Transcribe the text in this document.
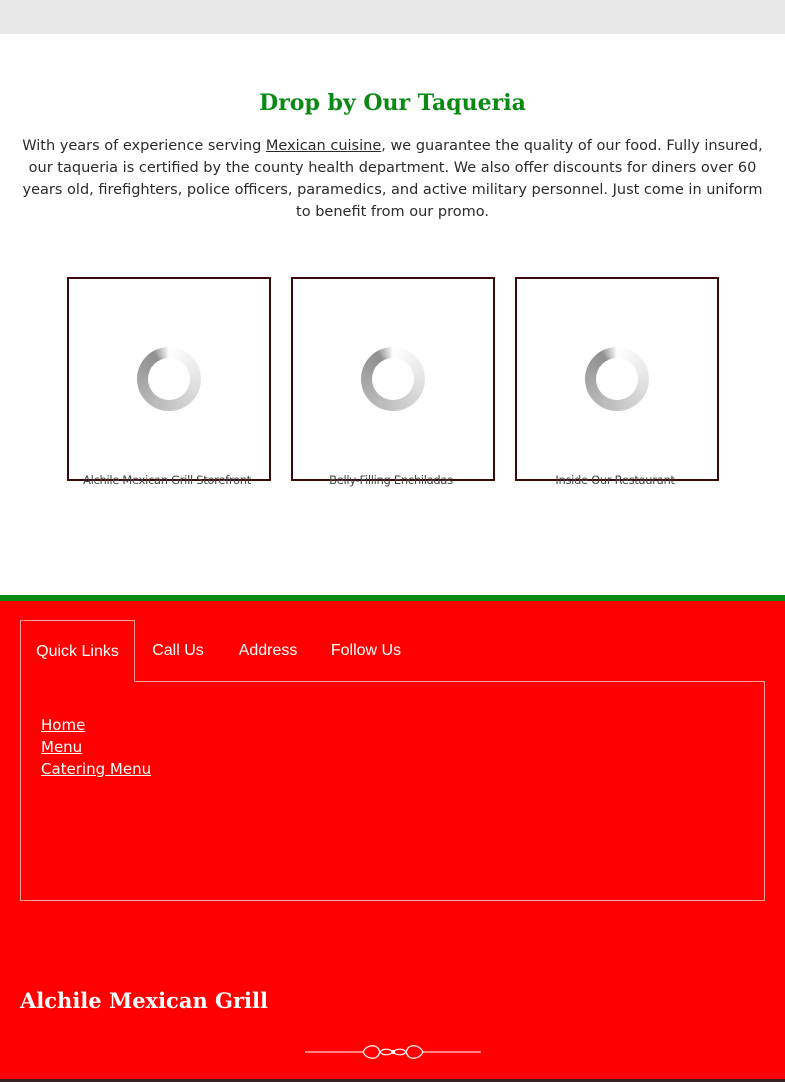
Drop by Our Taqueria

With years of experience serving Mexican cuisine, we guarantee the quality of our food. Fully insured, our taqueria is certified by the county health department. We also offer discounts for diners over 60 years old, firefighters, police officers, paramedics, and active military personnel. Just come in uniform to benefit from our promo.

Alchile Mexican Grill Storefront	Belly-Filling Enchiladas	Inside Our Restaurant
Quick Links	Call Us	Address	Follow Us
Home
Menu
Catering Menu
Alchile Mexican Grill
